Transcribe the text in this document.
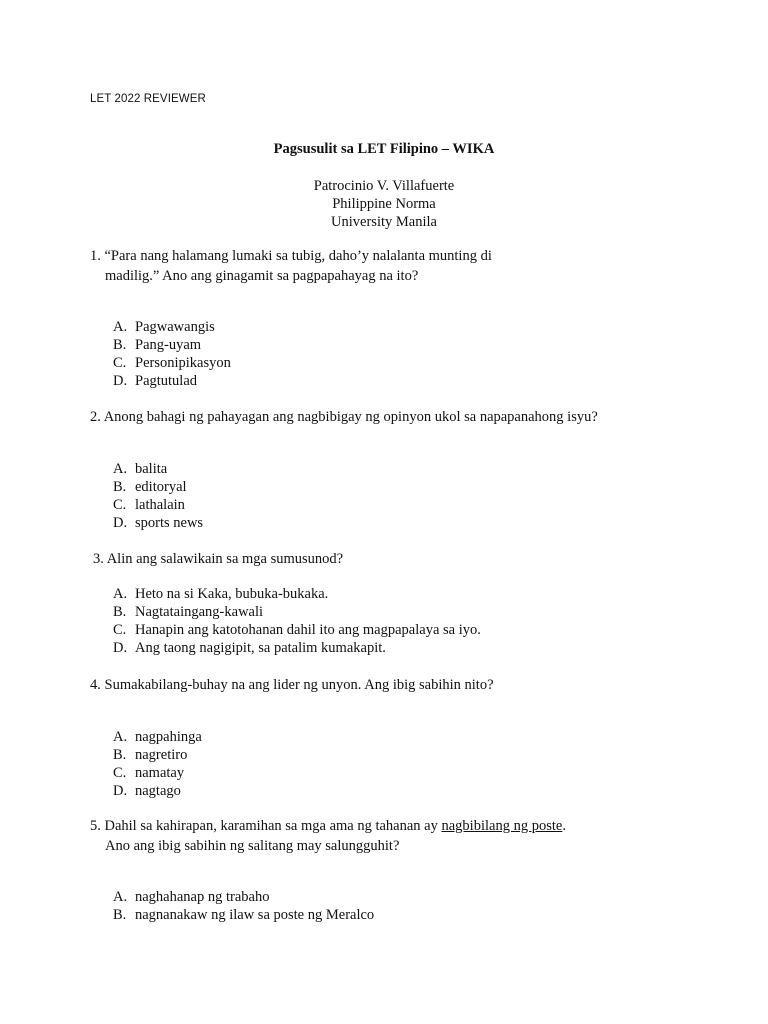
LET 2022 REVIEWER
Pagsusulit sa LET Filipino – WIKA
Patrocinio V. Villafuerte
Philippine Norma
University Manila
1. “Para nang halamang lumaki sa tubig, daho’y nalalanta munting di
madilig.” Ano ang ginagamit sa pagpapahayag na ito?
A. Pagwawangis
B. Pang-uyam
C. Personipikasyon
D. Pagtutulad
2. Anong bahagi ng pahayagan ang nagbibigay ng opinyon ukol sa napapanahong isyu?
A. balita
B. editoryal
C. lathalain
D. sports news
3. Alin ang salawikain sa mga sumusunod?
A. Heto na si Kaka, bubuka-bukaka.
B. Nagtataingang-kawali
C. Hanapin ang katotohanan dahil ito ang magpapalaya sa iyo.
D. Ang taong nagigipit, sa patalim kumakapit.
4. Sumakabilang-buhay na ang lider ng unyon. Ang ibig sabihin nito?
A. nagpahinga
B. nagretiro
C. namatay
D. nagtago
5. Dahil sa kahirapan, karamihan sa mga ama ng tahanan ay nagbibilang ng poste.
Ano ang ibig sabihin ng salitang may salungguhit?
A. naghahanap ng trabaho
B. nagnanakaw ng ilaw sa poste ng Meralco
